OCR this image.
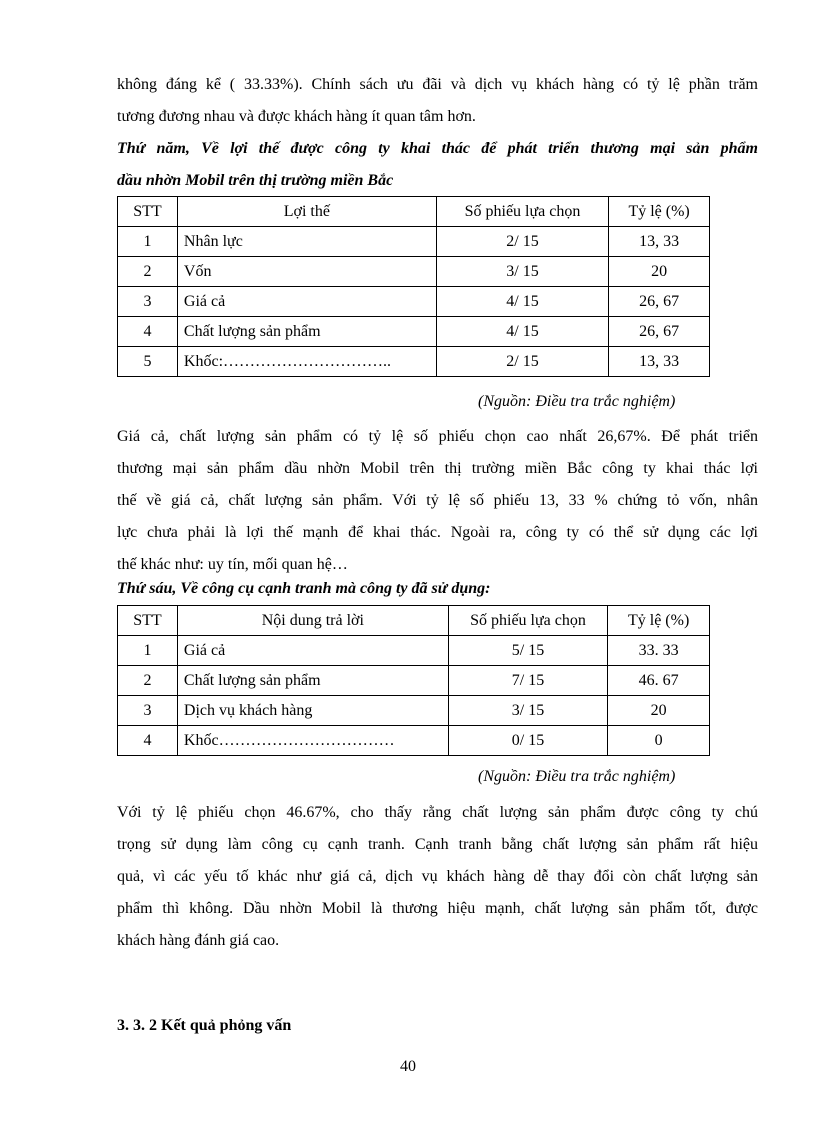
không đáng kể ( 33.33%). Chính sách ưu đãi và dịch vụ khách hàng có tỷ lệ phần trăm
tương đương nhau và được khách hàng ít quan tâm hơn.
Thứ năm, Về lợi thế được công ty khai thác để phát triển thương mại sản phẩm
dầu nhờn Mobil trên thị trường miền Bắc
STT	Lợi thế	Số phiếu lựa chọn	Tỷ lệ (%)
1	Nhân lực	2/ 15	13, 33
2	Vốn	3/ 15	20
3	Giá cả	4/ 15	26, 67
4	Chất lượng sản phẩm	4/ 15	26, 67
5	Khốc:…………………………..	2/ 15	13, 33
(Nguồn: Điều tra trắc nghiệm)
Giá cả, chất lượng sản phẩm có tỷ lệ số phiếu chọn cao nhất 26,67%. Để phát triển
thương mại sản phẩm dầu nhờn Mobil trên thị trường miền Bắc công ty khai thác lợi
thế về giá cả, chất lượng sản phẩm. Với tỷ lệ số phiếu 13, 33 % chứng tỏ vốn, nhân
lực chưa phải là lợi thế mạnh để khai thác. Ngoài ra, công ty có thể sử dụng các lợi
thế khác như: uy tín, mối quan hệ…
Thứ sáu, Về công cụ cạnh tranh mà công ty đã sử dụng:
STT	Nội dung trả lời	Số phiếu lựa chọn	Tỷ lệ (%)
1	Giá cả	5/ 15	33. 33
2	Chất lượng sản phẩm	7/ 15	46. 67
3	Dịch vụ khách hàng	3/ 15	20
4	Khốc……………………………	0/ 15	0
(Nguồn: Điều tra trắc nghiệm)
Với tỷ lệ phiếu chọn 46.67%, cho thấy rằng chất lượng sản phẩm được công ty chú
trọng sử dụng làm công cụ cạnh tranh. Cạnh tranh bằng chất lượng sản phẩm rất hiệu
quả, vì các yếu tố khác như giá cả, dịch vụ khách hàng dễ thay đổi còn chất lượng sản
phẩm thì không. Dầu nhờn Mobil là thương hiệu mạnh, chất lượng sản phẩm tốt, được
khách hàng đánh giá cao.
3. 3. 2 Kết quả phỏng vấn
40
